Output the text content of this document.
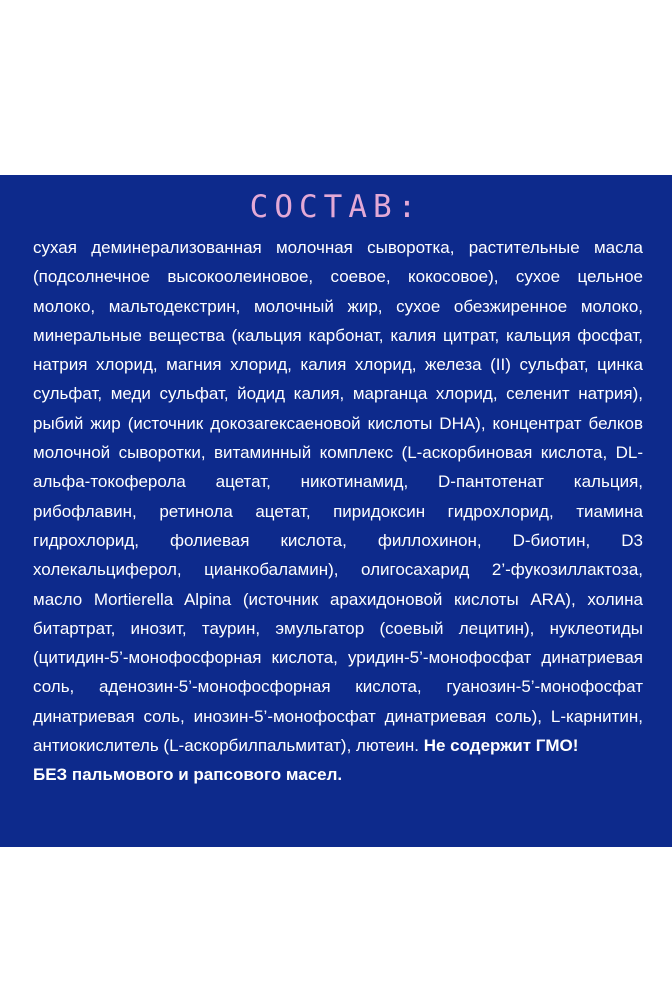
СОСТАВ:

сухая деминерализованная молочная сыворотка, растительные масла (подсолнечное высокоолеиновое, соевое, кокосовое), сухое цельное молоко, мальтодекстрин, молочный жир, сухое обезжиренное молоко, минеральные вещества (кальция карбонат, калия цитрат, кальция фосфат, натрия хлорид, магния хлорид, калия хлорид, железа (II) сульфат, цинка сульфат, меди сульфат, йодид калия, марганца хлорид, селенит натрия), рыбий жир (источник докозагексаеновой кислоты DHA), концентрат белков молочной сыворотки, витаминный комплекс (L-аскорбиновая кислота, DL-альфа-токоферола ацетат, никотинамид, D-пантотенат кальция, рибофлавин, ретинола ацетат, пиридоксин гидрохлорид, тиамина гидрохлорид, фолиевая кислота, филлохинон, D-биотин, D3 холекальциферол, цианкобаламин), олигосахарид 2’-фукозиллактоза, масло Mortierella Alpina (источник арахидоновой кислоты ARA), холина битартрат, инозит, таурин, эмульгатор (соевый лецитин), нуклеотиды (цитидин-5’-монофосфорная кислота, уридин-5’-монофосфат динатриевая соль, аденозин-5’-монофосфорная кислота, гуанозин-5’-монофосфат динатриевая соль, инозин-5’-монофосфат динатриевая соль), L-карнитин, антиокислитель (L-аскорбилпальмитат), лютеин. Не содержит ГМО!
БЕЗ пальмового и рапсового масел.
